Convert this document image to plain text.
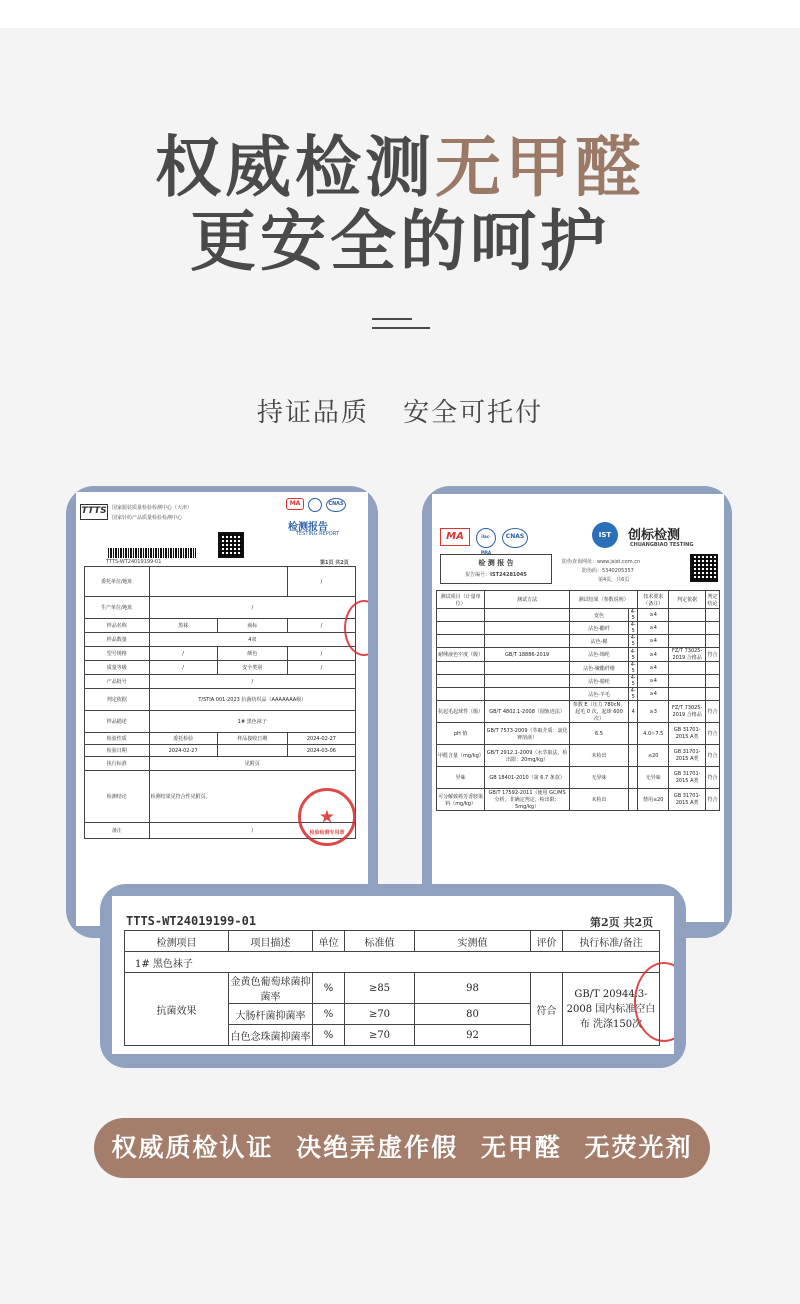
权威检测无甲醛
更安全的呵护
持证品质 安全可托付
TTTS 国家服装质量检验检测中心（天津）
国家针纺产品质量检验检测中心
MA	CNAS
检测报告
TESTING REPORT
TTTS-WT24019199-01	第1页 共2页
委托单位/地址			/
生产单位/地址	/		
样品名称	黑袜	商标	/
样品数量	4双		
型号规格	/	颜色	/
质量等级	/	安全类别	/
产品批号	/		
判定依据	T/STIA 001-2023 抗菌纺织品（AAAAAAA级）		
样品描述	1# 黑色袜子		
检验性质	委托检验	样品接收日期	2024-02-27
检验日期	2024-02-27		2024-03-06
执行标准	见附页		
检测结论	检测结果见符合性见附页。		
备注	/		
★
检验检测专用章
MA	ilac-MRA
CNAS	IST	创标检测
CHUANGBIAO TESTING
检 测 报 告
报告编号：IST24281045
防伪查询网址：www.jsist.com.cn
防伪码：5340205357
第4页，共6页
测试项目（计量单位）	测试方法	测试结果（参数说明）		技术要求（备注）	判定依据	判定结论
		变色	4-5	≥4		
		沾色-醋纤	4-5	≥4		
		沾色-棉	4-5	≥4		
耐唾液色牢度（级）	GB/T 18886-2019	沾色-锦纶	4-5	≥4	FZ/T 73025-2019 合格品	符合
		沾色-聚酯纤维	4-5	≥4		
		沾色-腈纶	4-5	≥4		
		沾色-羊毛	4-5	≥4		
抗起毛起球性（级）	GB/T 4802.1-2008（圆轨迹法）	参数 E（压力 780cN，起毛 0 次，起球 600 次）	4	≥3	FZ/T 73025-2019 合格品	符合
pH 值	GB/T 7573-2009（萃取介质：氯化钾溶液）	6.5		4.0~7.5	GB 31701-2015 A类	符合
甲醛含量（mg/kg）	GB/T 2912.1-2009（水萃取法，检出限：20mg/kg）	未检出		≤20	GB 31701-2015 A类	符合
异味	GB 18401-2010（第 6.7 条款）	无异味		无异味	GB 31701-2015 A类	符合
可分解致癌芳香胺染料（mg/kg）	GB/T 17592-2011（使用 GC/MS 分析，非确定判定，检出限：5mg/kg）	未检出		禁用≤20	GB 31701-2015 A类	符合
TTTS-WT24019199-01	第2页 共2页
检测项目	项目描述	单位	标准值	实测值	评价	执行标准/备注
1# 黑色袜子						
抗菌效果	金黄色葡萄球菌抑菌率	%	≥85	98	符合	GB/T 20944.3-2008 国内标准空白布 洗涤150次
	大肠杆菌抑菌率	%	≥70	80		
	白色念珠菌抑菌率	%	≥70	92		
权威质检认证 决绝弄虚作假 无甲醛 无荧光剂
